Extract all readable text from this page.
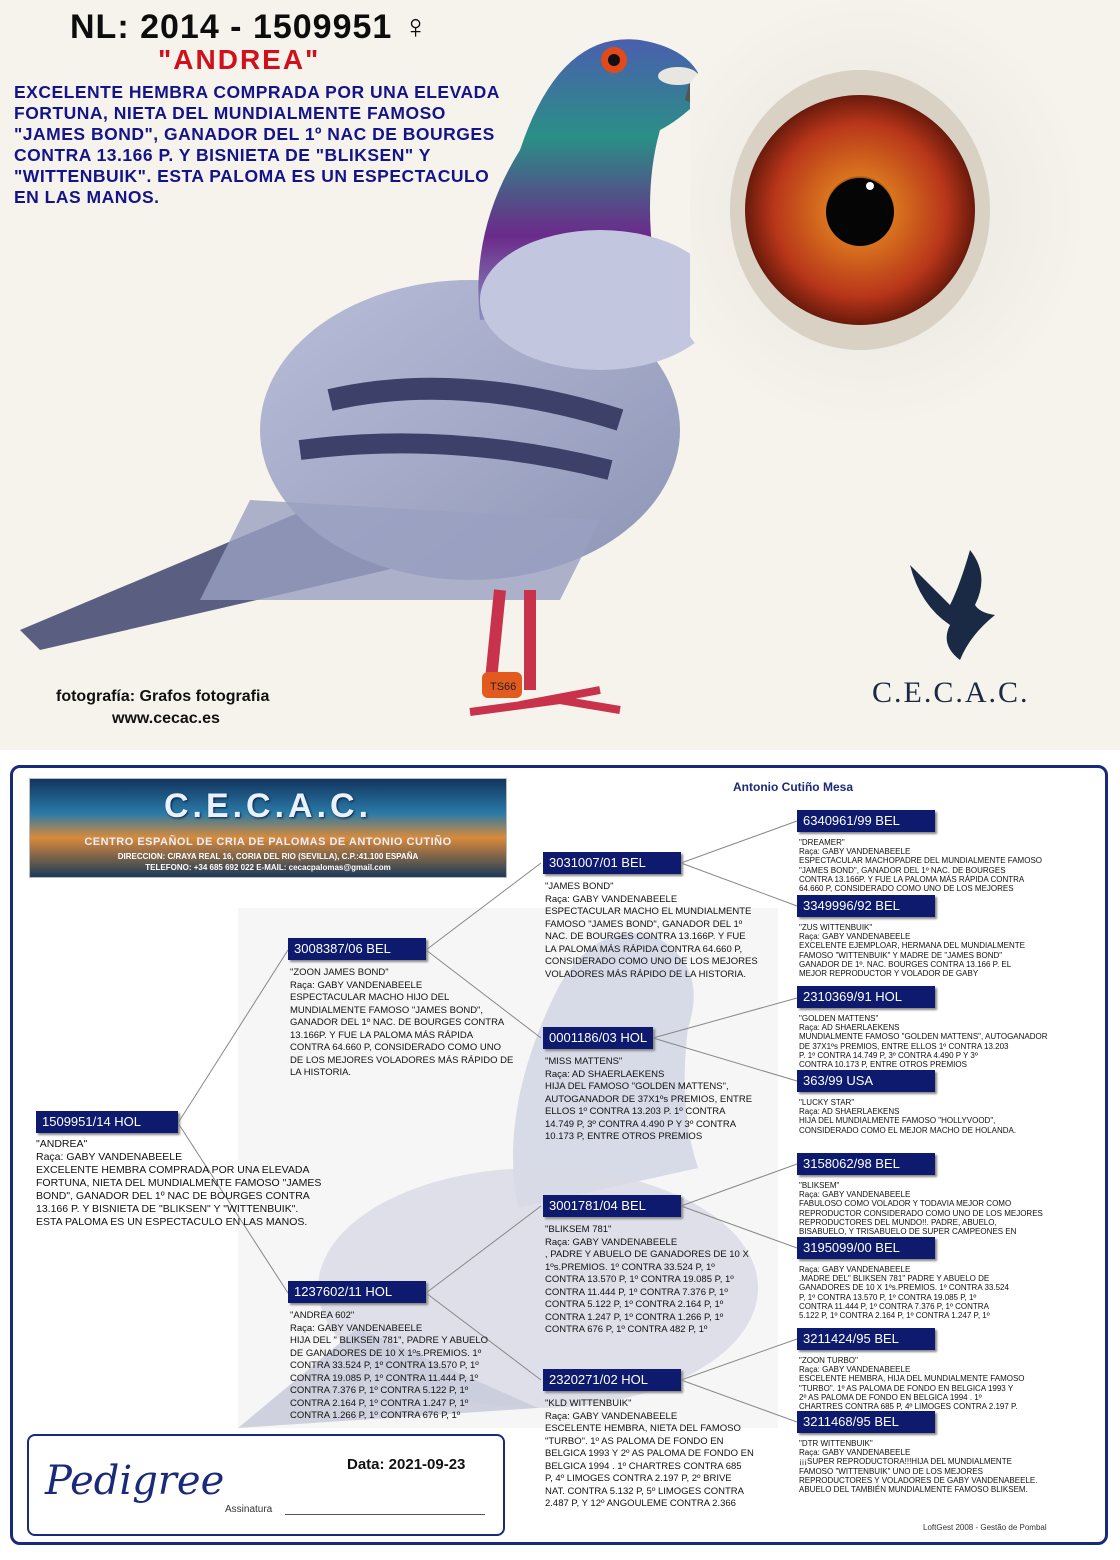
NL: 2014 - 1509951 ♀
"ANDREA"
EXCELENTE HEMBRA COMPRADA POR UNA ELEVADA FORTUNA, NIETA DEL MUNDIALMENTE FAMOSO "JAMES BOND", GANADOR DEL 1º NAC DE BOURGES CONTRA 13.166 P. Y BISNIETA DE "BLIKSEN" Y "WITTENBUIK". ESTA PALOMA ES UN ESPECTACULO EN LAS MANOS.
TS66
fotografía: Grafos fotografia
www.cecac.es
C.E.C.A.C.
C.E.C.A.C.
CENTRO ESPAÑOL DE CRIA DE PALOMAS DE ANTONIO CUTIÑO
DIRECCION: C/RAYA REAL 16, CORIA DEL RIO (SEVILLA), C.P.:41.100 ESPAÑA
TELEFONO: +34 685 692 022 E-MAIL: cecacpalomas@gmail.com
Antonio Cutiño Mesa
1509951/14 HOL
"ANDREA"
Raça: GABY VANDENABEELE
EXCELENTE HEMBRA COMPRADA POR UNA ELEVADA
FORTUNA, NIETA DEL MUNDIALMENTE FAMOSO "JAMES
BOND", GANADOR DEL 1º NAC DE BOURGES CONTRA
13.166 P. Y BISNIETA DE "BLIKSEN" Y "WITTENBUIK".
ESTA PALOMA ES UN ESPECTACULO EN LAS MANOS.
3008387/06 BEL
"ZOON JAMES BOND"
Raça: GABY VANDENABEELE
ESPECTACULAR MACHO HIJO DEL
MUNDIALMENTE FAMOSO "JAMES BOND",
GANADOR DEL 1º NAC. DE BOURGES CONTRA
13.166P. Y FUE LA PALOMA MÁS RÁPIDA
CONTRA 64.660 P, CONSIDERADO COMO UNO
DE LOS MEJORES VOLADORES MÁS RÁPIDO DE
LA HISTORIA.
1237602/11 HOL
"ANDREA 602"
Raça: GABY VANDENABEELE
HIJA DEL " BLIKSEN 781", PADRE Y ABUELO
DE GANADORES DE 10 X 1ºs.PREMIOS. 1º
CONTRA 33.524 P, 1º CONTRA 13.570 P, 1º
CONTRA 19.085 P, 1º CONTRA 11.444 P, 1º
CONTRA 7.376 P, 1º CONTRA 5.122 P, 1º
CONTRA 2.164 P, 1º CONTRA 1.247 P, 1º
CONTRA 1.266 P, 1º CONTRA 676 P, 1º
3031007/01 BEL
"JAMES BOND"
Raça: GABY VANDENABEELE
ESPECTACULAR MACHO EL MUNDIALMENTE
FAMOSO "JAMES BOND", GANADOR DEL 1º
NAC. DE BOURGES CONTRA 13.166P. Y FUE
LA PALOMA MÁS RÁPIDA CONTRA 64.660 P,
CONSIDERADO COMO UNO DE LOS MEJORES
VOLADORES MÁS RÁPIDO DE LA HISTORIA.
0001186/03 HOL
"MISS MATTENS"
Raça: AD SHAERLAEKENS
HIJA DEL FAMOSO "GOLDEN MATTENS",
AUTOGANADOR DE 37X1ºs PREMIOS, ENTRE
ELLOS 1º CONTRA 13.203 P. 1º CONTRA
14.749 P, 3º CONTRA 4.490 P Y 3º CONTRA
10.173 P, ENTRE OTROS PREMIOS
3001781/04 BEL
"BLIKSEM 781"
Raça: GABY VANDENABEELE
, PADRE Y ABUELO DE GANADORES DE 10 X
1ºs.PREMIOS. 1º CONTRA 33.524 P, 1º
CONTRA 13.570 P, 1º CONTRA 19.085 P, 1º
CONTRA 11.444 P, 1º CONTRA 7.376 P, 1º
CONTRA 5.122 P, 1º CONTRA 2.164 P, 1º
CONTRA 1.247 P, 1º CONTRA 1.266 P, 1º
CONTRA 676 P, 1º CONTRA 482 P, 1º
2320271/02 HOL
"KLD WITTENBUIK"
Raça: GABY VANDENABEELE
ESCELENTE HEMBRA, NIETA DEL FAMOSO
"TURBO". 1º AS PALOMA DE FONDO EN
BELGICA 1993 Y 2º AS PALOMA DE FONDO EN
BELGICA 1994 . 1º CHARTRES CONTRA 685
P, 4º LIMOGES CONTRA 2.197 P, 2º BRIVE
NAT. CONTRA 5.132 P, 5º LIMOGES CONTRA
2.487 P, Y 12º ANGOULEME CONTRA 2.366
6340961/99 BEL
"DREAMER"
Raça: GABY VANDENABEELE
ESPECTACULAR MACHOPADRE DEL MUNDIALMENTE FAMOSO
"JAMES BOND", GANADOR DEL 1º NAC. DE BOURGES
CONTRA 13.166P. Y FUE LA PALOMA MÁS RÁPIDA CONTRA
64.660 P, CONSIDERADO COMO UNO DE LOS MEJORES
3349996/92 BEL
"ZUS WITTENBUIK"
Raça: GABY VANDENABEELE
EXCELENTE EJEMPLOAR, HERMANA DEL MUNDIALMENTE
FAMOSO "WITTENBUIK" Y MADRE DE "JAMES BOND"
GANADOR DE 1º. NAC. BOURGES CONTRA 13.166 P. EL
MEJOR REPRODUCTOR Y VOLADOR DE GABY
2310369/91 HOL
"GOLDEN MATTENS"
Raça: AD SHAERLAEKENS
MUNDIALMENTE FAMOSO "GOLDEN MATTENS", AUTOGANADOR
DE 37X1ºs PREMIOS, ENTRE ELLOS 1º CONTRA 13.203
P. 1º CONTRA 14.749 P, 3º CONTRA 4.490 P Y 3º
CONTRA 10.173 P, ENTRE OTROS PREMIOS
363/99 USA
"LUCKY STAR"
Raça: AD SHAERLAEKENS
HIJA DEL MUNDIALMENTE FAMOSO "HOLLYVOOD",
CONSIDERADO COMO EL MEJOR MACHO DE HOLANDA.
3158062/98 BEL
"BLIKSEM"
Raça: GABY VANDENABEELE
FABULOSO COMO VOLADOR Y TODAVIA MEJOR COMO
REPRODUCTOR CONSIDERADO COMO UNO DE LOS MEJORES
REPRODUCTORES DEL MUNDO!!. PADRE, ABUELO,
BISABUELO, Y TRISABUELO DE SUPER CAMPEONES EN
3195099/00 BEL
Raça: GABY VANDENABEELE
.MADRE DEL" BLIKSEN 781" PADRE Y ABUELO DE
GANADORES DE 10 X 1ºs.PREMIOS. 1º CONTRA 33.524
P, 1º CONTRA 13.570 P, 1º CONTRA 19.085 P, 1º
CONTRA 11.444 P, 1º CONTRA 7.376 P, 1º CONTRA
5.122 P, 1º CONTRA 2.164 P, 1º CONTRA 1.247 P, 1º
3211424/95 BEL
"ZOON TURBO"
Raça: GABY VANDENABEELE
ESCELENTE HEMBRA, HIJA DEL MUNDIALMENTE FAMOSO
"TURBO". 1º AS PALOMA DE FONDO EN BELGICA 1993 Y
2º AS PALOMA DE FONDO EN BELGICA 1994 . 1º
CHARTRES CONTRA 685 P, 4º LIMOGES CONTRA 2.197 P.
3211468/95 BEL
"DTR WITTENBUIK"
Raça: GABY VANDENABEELE
¡¡¡SUPER REPRODUCTORA!!!HIJA DEL MUNDIALMENTE
FAMOSO "WITTENBUIK" UNO DE LOS MEJORES
REPRODUCTORES Y VOLADORES DE GABY VANDENABEELE.
ABUELO DEL TAMBIÉN MUNDIALMENTE FAMOSO BLIKSEM.
Pedigree	Data: 2021-09-23
Assinatura
LoftGest 2008 - Gestão de Pombal
